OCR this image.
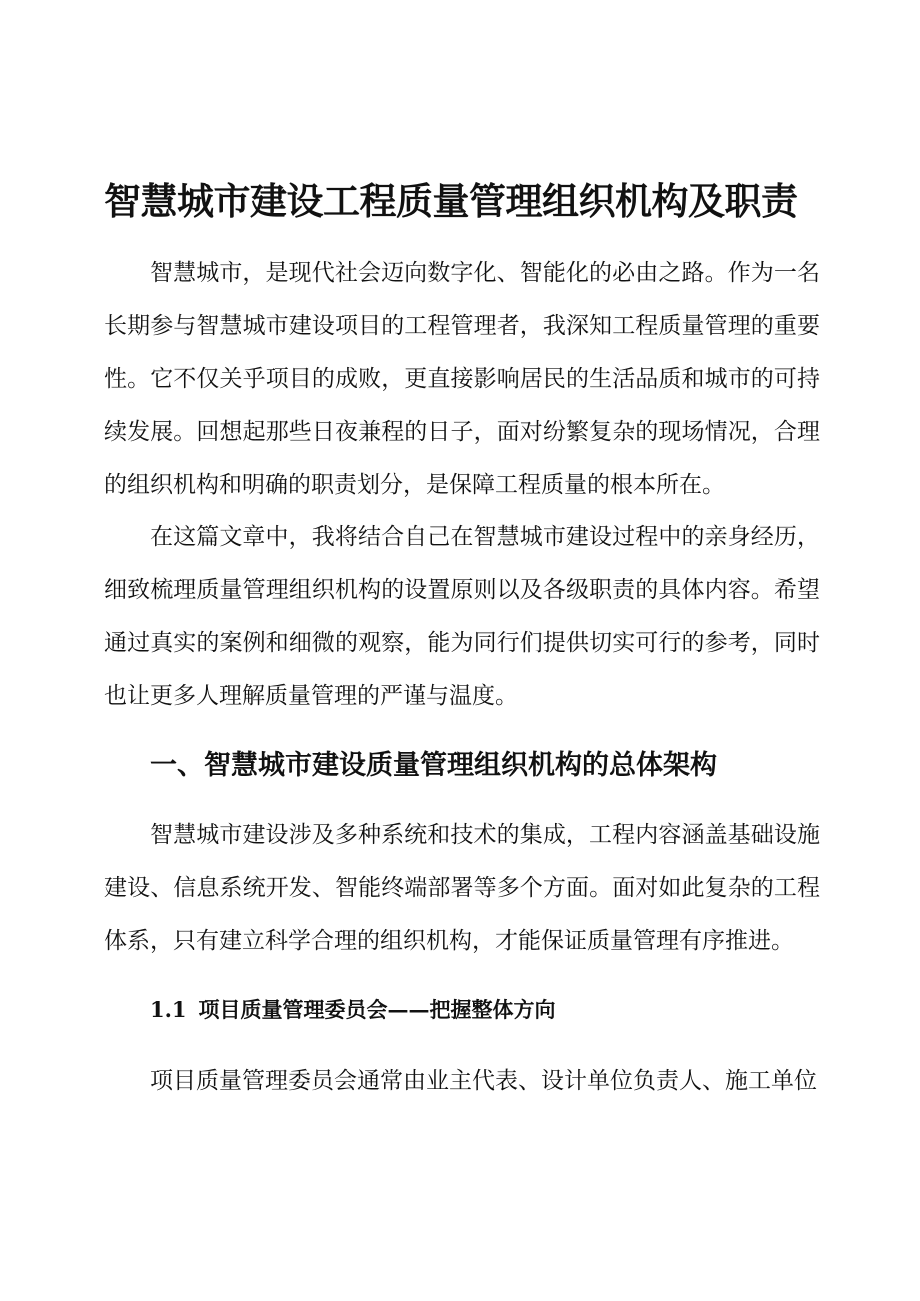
智慧城市建设工程质量管理组织机构及职责

智慧城市，是现代社会迈向数字化、智能化的必由之路。作为一名长期参与智慧城市建设项目的工程管理者，我深知工程质量管理的重要性。它不仅关乎项目的成败，更直接影响居民的生活品质和城市的可持续发展。回想起那些日夜兼程的日子，面对纷繁复杂的现场情况，合理的组织机构和明确的职责划分，是保障工程质量的根本所在。

在这篇文章中，我将结合自己在智慧城市建设过程中的亲身经历，细致梳理质量管理组织机构的设置原则以及各级职责的具体内容。希望通过真实的案例和细微的观察，能为同行们提供切实可行的参考，同时也让更多人理解质量管理的严谨与温度。

一、智慧城市建设质量管理组织机构的总体架构

智慧城市建设涉及多种系统和技术的集成，工程内容涵盖基础设施建设、信息系统开发、智能终端部署等多个方面。面对如此复杂的工程体系，只有建立科学合理的组织机构，才能保证质量管理有序推进。

1.1 项目质量管理委员会——把握整体方向

项目质量管理委员会通常由业主代表、设计单位负责人、施工单位
